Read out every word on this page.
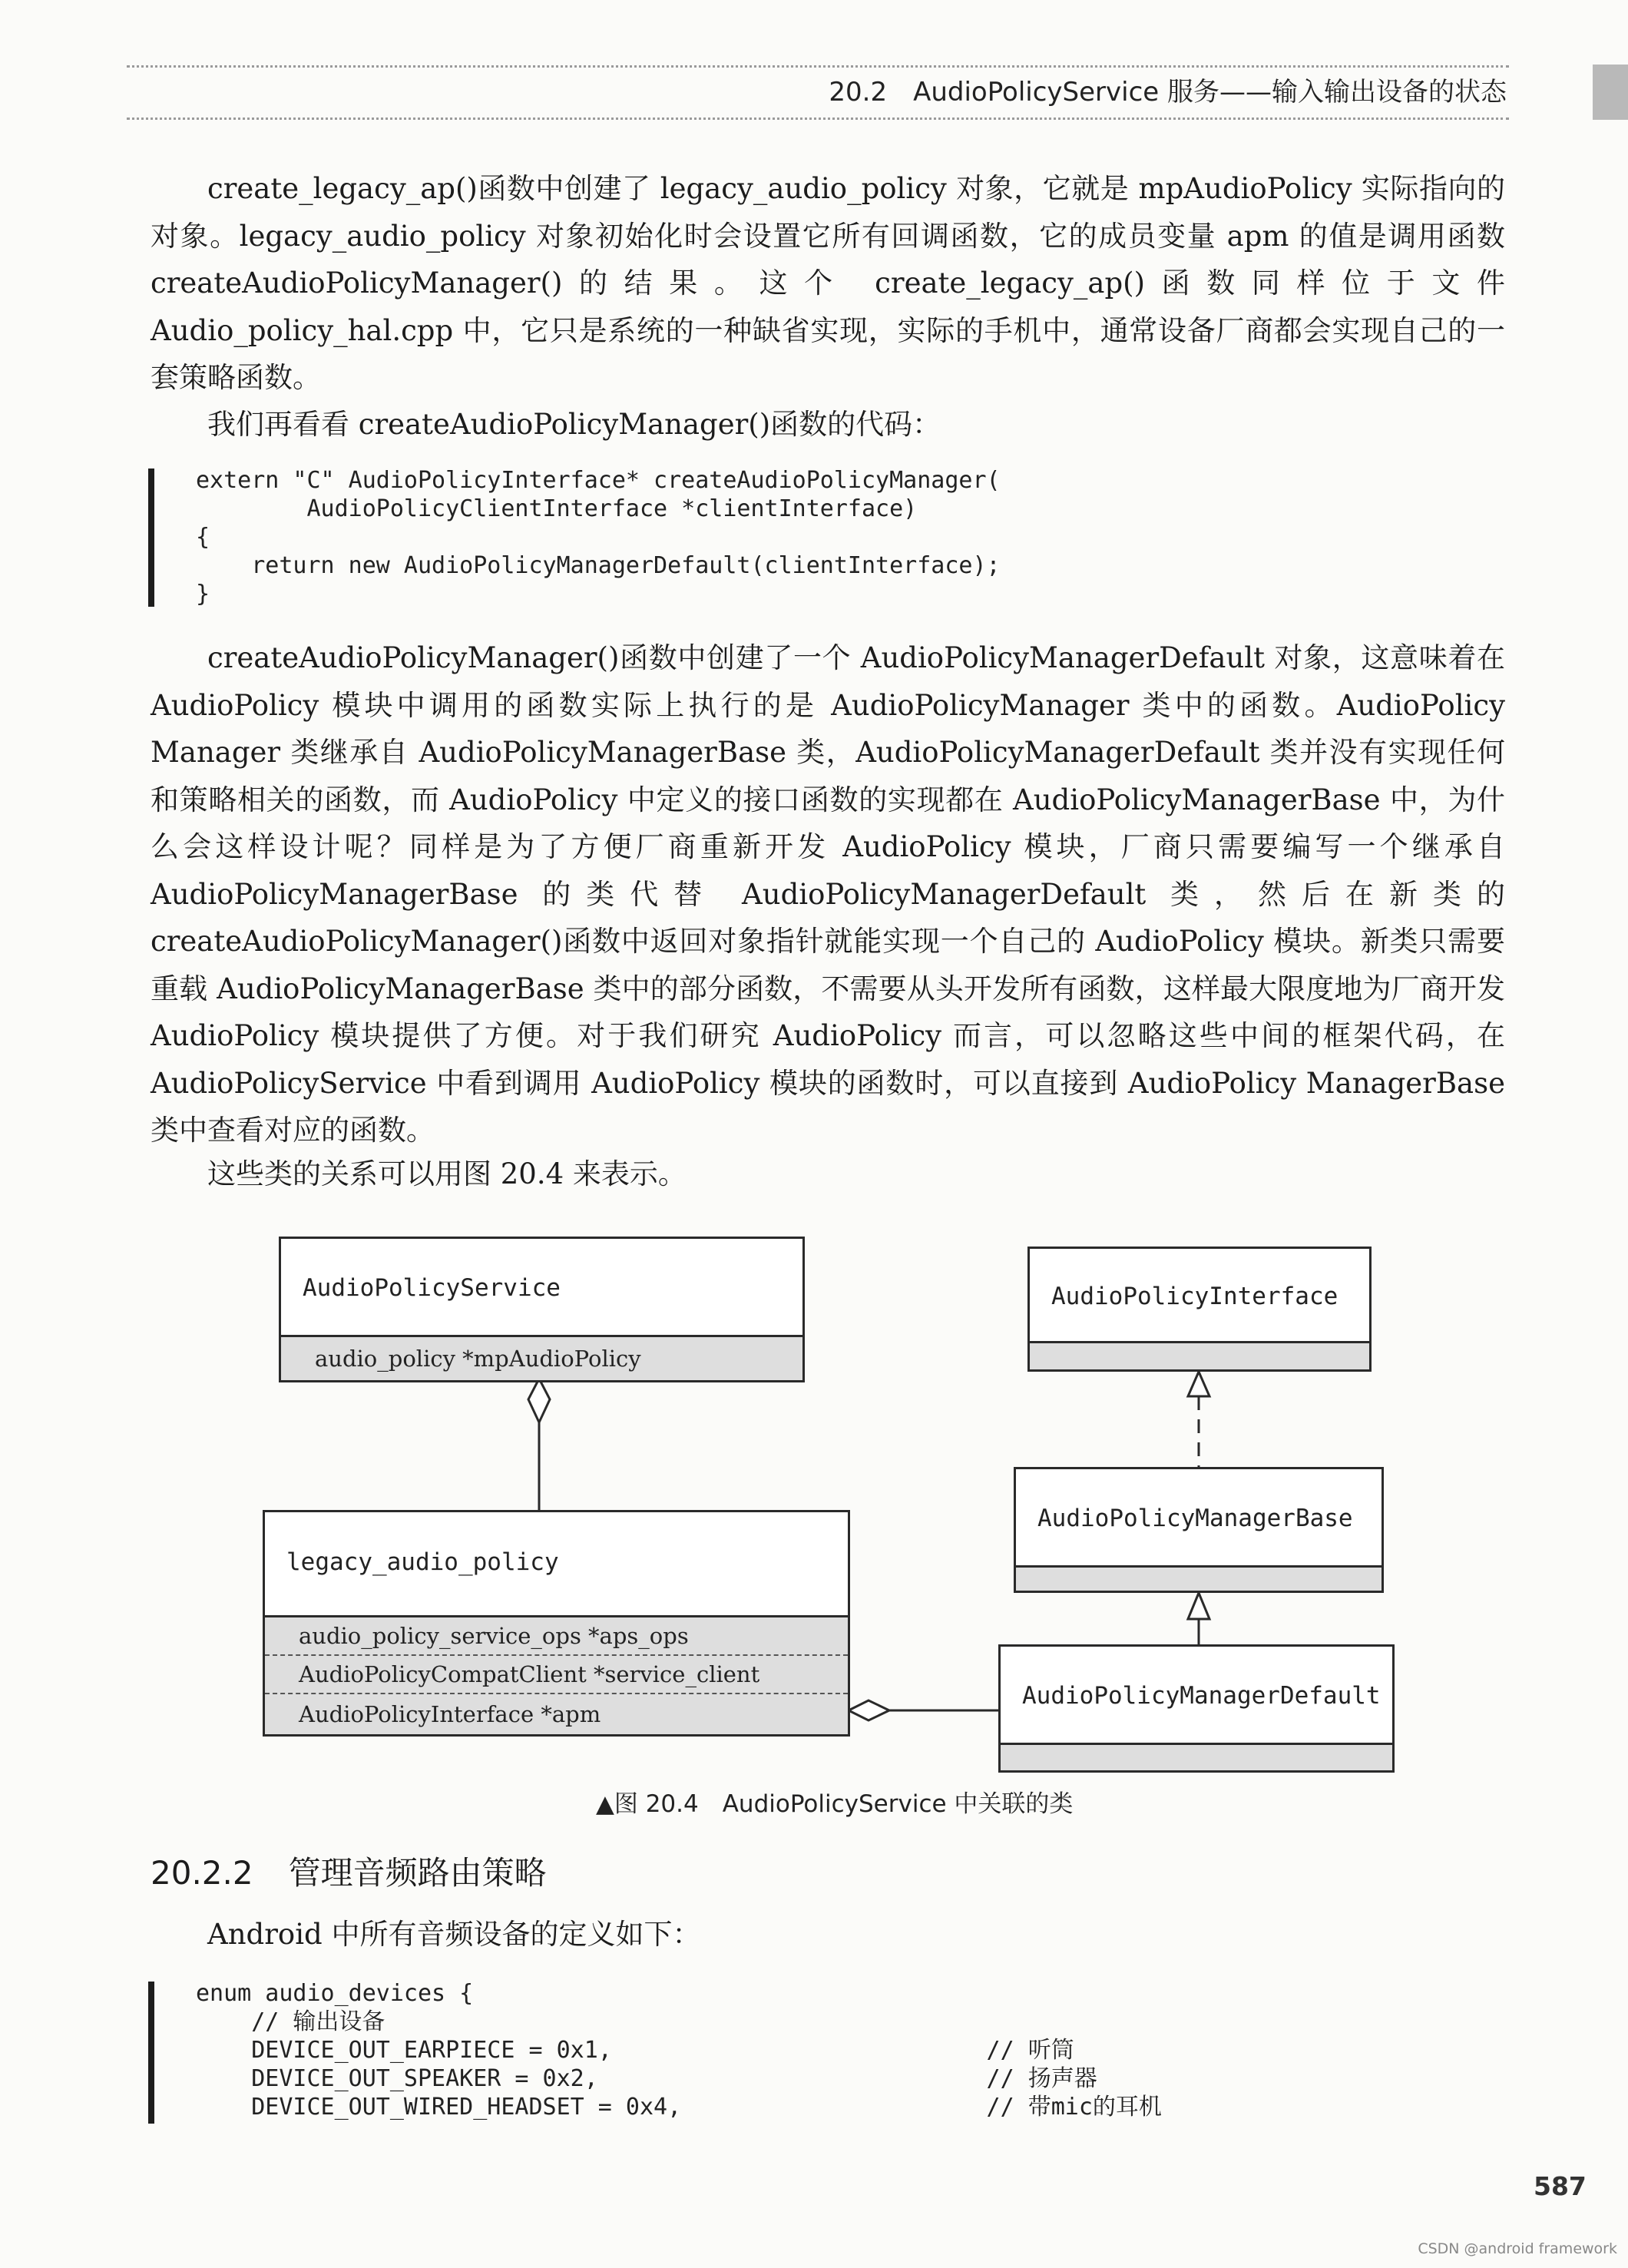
20.2　AudioPolicyService 服务——输入输出设备的状态

create_legacy_ap()函数中创建了 legacy_audio_policy 对象，它就是 mpAudioPolicy 实际指向的对象。legacy_audio_policy 对象初始化时会设置它所有回调函数，它的成员变量 apm 的值是调用函数 createAudioPolicyManager()的结果。这个 create_legacy_ap()函数同样位于文件 Audio_policy_hal.cpp 中，它只是系统的一种缺省实现，实际的手机中，通常设备厂商都会实现自己的一套策略函数。

我们再看看 createAudioPolicyManager()函数的代码：

extern "C" AudioPolicyInterface* createAudioPolicyManager(
AudioPolicyClientInterface *clientInterface)
{
return new AudioPolicyManagerDefault(clientInterface);
}

createAudioPolicyManager()函数中创建了一个 AudioPolicyManagerDefault 对象，这意味着在 AudioPolicy 模块中调用的函数实际上执行的是 AudioPolicyManager 类中的函数。AudioPolicy Manager 类继承自 AudioPolicyManagerBase 类，AudioPolicyManagerDefault 类并没有实现任何和策略相关的函数，而 AudioPolicy 中定义的接口函数的实现都在 AudioPolicyManagerBase 中，为什么会这样设计呢？同样是为了方便厂商重新开发 AudioPolicy 模块，厂商只需要编写一个继承自 AudioPolicyManagerBase 的类代替 AudioPolicyManagerDefault 类，然后在新类的 createAudioPolicyManager()函数中返回对象指针就能实现一个自己的 AudioPolicy 模块。新类只需要重载 AudioPolicyManagerBase 类中的部分函数，不需要从头开发所有函数，这样最大限度地为厂商开发 AudioPolicy 模块提供了方便。对于我们研究 AudioPolicy 而言，可以忽略这些中间的框架代码，在 AudioPolicyService 中看到调用 AudioPolicy 模块的函数时，可以直接到 AudioPolicy ManagerBase 类中查看对应的函数。

这些类的关系可以用图 20.4 来表示。

AudioPolicyService
audio_policy *mpAudioPolicy
legacy_audio_policy
audio_policy_service_ops *aps_ops
AudioPolicyCompatClient *service_client
AudioPolicyInterface *apm
AudioPolicyInterface
AudioPolicyManagerBase
AudioPolicyManagerDefault
▲图 20.4　AudioPolicyService 中关联的类
20.2.2 管理音频路由策略

Android 中所有音频设备的定义如下：

enum audio_devices {
// 输出设备
DEVICE_OUT_EARPIECE = 0x1,                           // 听筒
DEVICE_OUT_SPEAKER = 0x2,                            // 扬声器
DEVICE_OUT_WIRED_HEADSET = 0x4,                      // 带mic的耳机
587
CSDN @android framework
